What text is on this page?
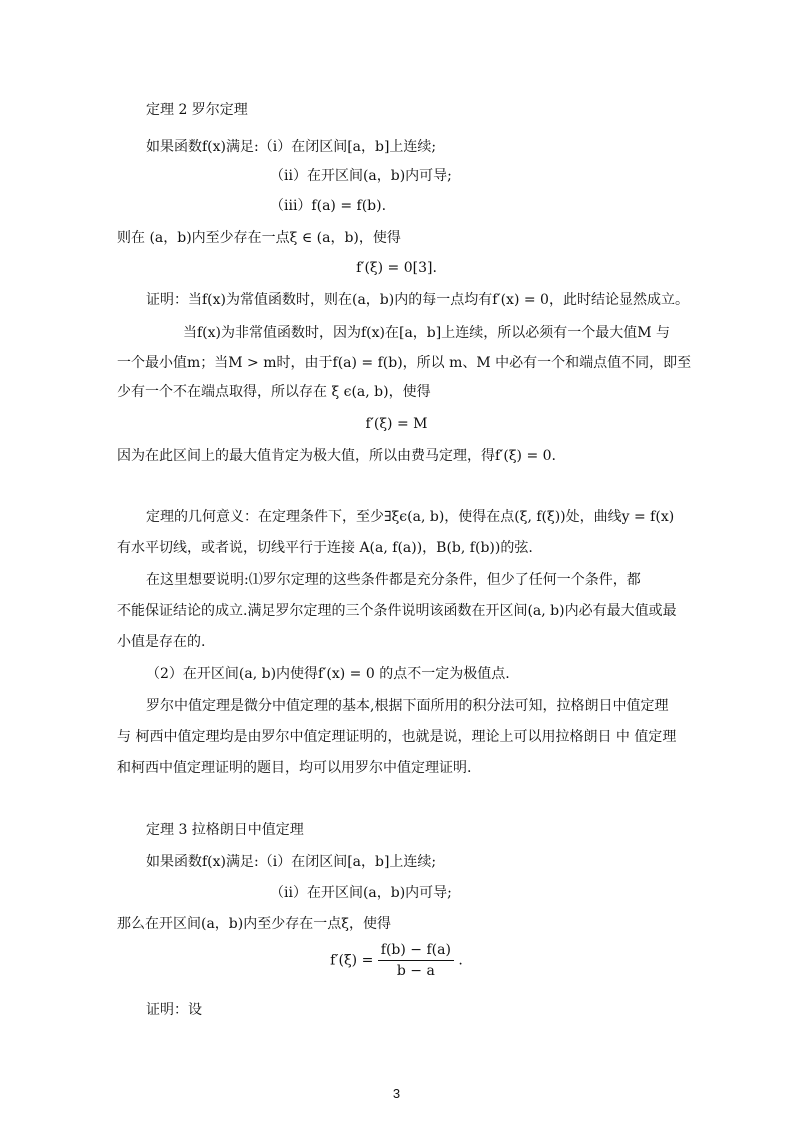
定理 2 罗尔定理
如果函数f(x)满足:（i）在闭区间[a，b]上连续;
（ii）在开区间(a，b)内可导;
（iii）f(a) = f(b).
则在 (a，b)内至少存在一点ξ ∈ (a，b)，使得
f′(ξ) = 0[3].
证明：当f(x)为常值函数时，则在(a，b)内的每一点均有f′(x) = 0，此时结论显然成立。
当f(x)为非常值函数时，因为f(x)在[a，b]上连续，所以必须有一个最大值M 与
一个最小值m；当M > m时，由于f(a) = f(b)，所以 m、M 中必有一个和端点值不同，即至
少有一个不在端点取得，所以存在 ξ ϵ(a, b)，使得
f′(ξ) = M
因为在此区间上的最大值肯定为极大值，所以由费马定理，得f′(ξ) = 0.
定理的几何意义：在定理条件下，至少∃ξϵ(a, b)，使得在点(ξ, f(ξ))处，曲线y = f(x)
有水平切线，或者说，切线平行于连接 A(a, f(a))，B(b, f(b))的弦.
在这里想要说明:⑴罗尔定理的这些条件都是充分条件，但少了任何一个条件，都
不能保证结论的成立.满足罗尔定理的三个条件说明该函数在开区间(a, b)内必有最大值或最
小值是存在的.
（2）在开区间(a, b)内使得f′(x) = 0 的点不一定为极值点.
罗尔中值定理是微分中值定理的基本,根据下面所用的积分法可知，拉格朗日中值定理
与 柯西中值定理均是由罗尔中值定理证明的，也就是说，理论上可以用拉格朗日 中 值定理
和柯西中值定理证明的题目，均可以用罗尔中值定理证明.
定理 3 拉格朗日中值定理
如果函数f(x)满足:（i）在闭区间[a，b]上连续;
（ii）在开区间(a，b)内可导;
那么在开区间(a，b)内至少存在一点ξ，使得
$f'(\xi) = \frac{f(b) - f(a)}{b - a}$ .
证明：设
3
